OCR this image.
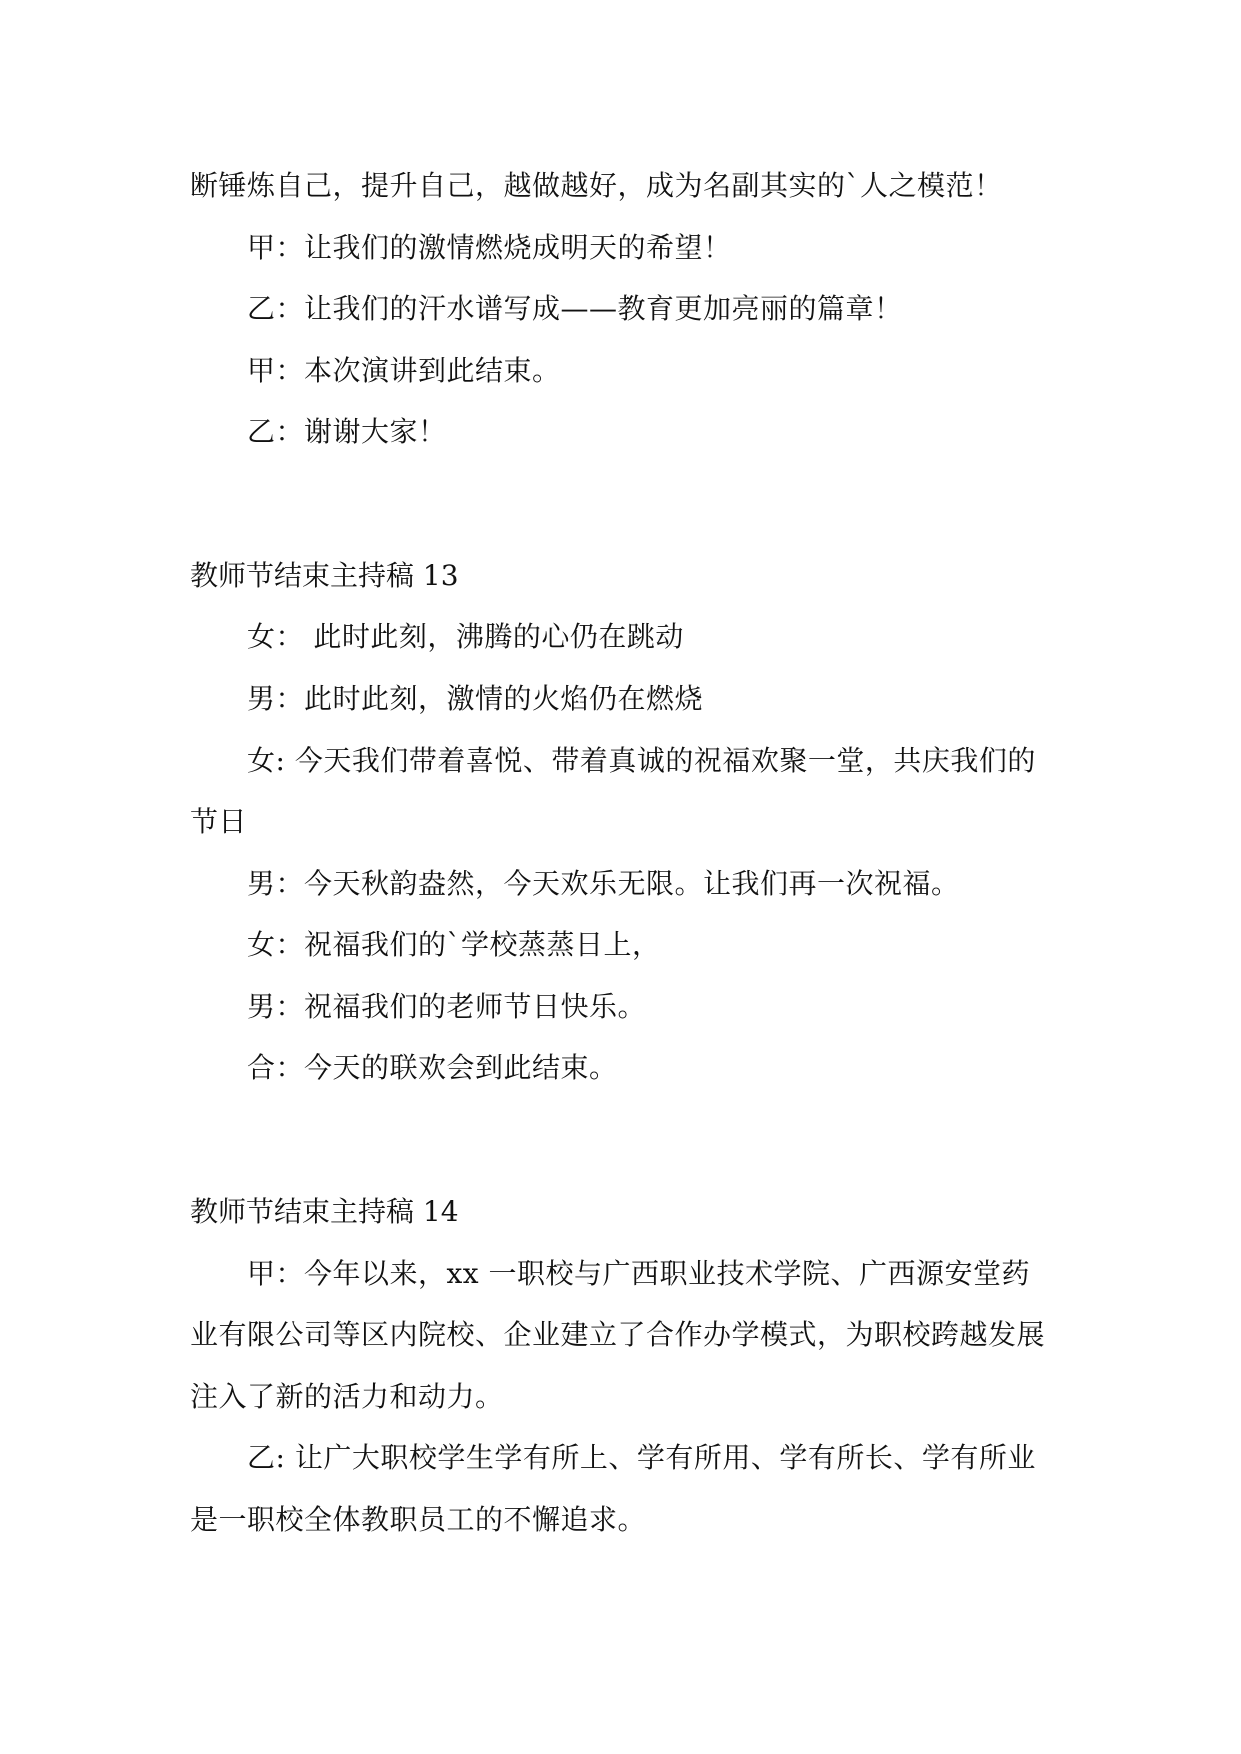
断锤炼自己，提升自己，越做越好，成为名副其实的`人之模范！
甲：让我们的激情燃烧成明天的希望！
乙：让我们的汗水谱写成——教育更加亮丽的篇章！
甲：本次演讲到此结束。
乙：谢谢大家！
教师节结束主持稿 13
女： 此时此刻，沸腾的心仍在跳动
男：此时此刻，激情的火焰仍在燃烧
女: 今天我们带着喜悦、带着真诚的祝福欢聚一堂，共庆我们的
节日
男：今天秋韵盎然，今天欢乐无限。让我们再一次祝福。
女：祝福我们的`学校蒸蒸日上，
男：祝福我们的老师节日快乐。
合：今天的联欢会到此结束。
教师节结束主持稿 14
甲：今年以来，xx 一职校与广西职业技术学院、广西源安堂药
业有限公司等区内院校、企业建立了合作办学模式，为职校跨越发展
注入了新的活力和动力。
乙: 让广大职校学生学有所上、学有所用、学有所长、学有所业
是一职校全体教职员工的不懈追求。
